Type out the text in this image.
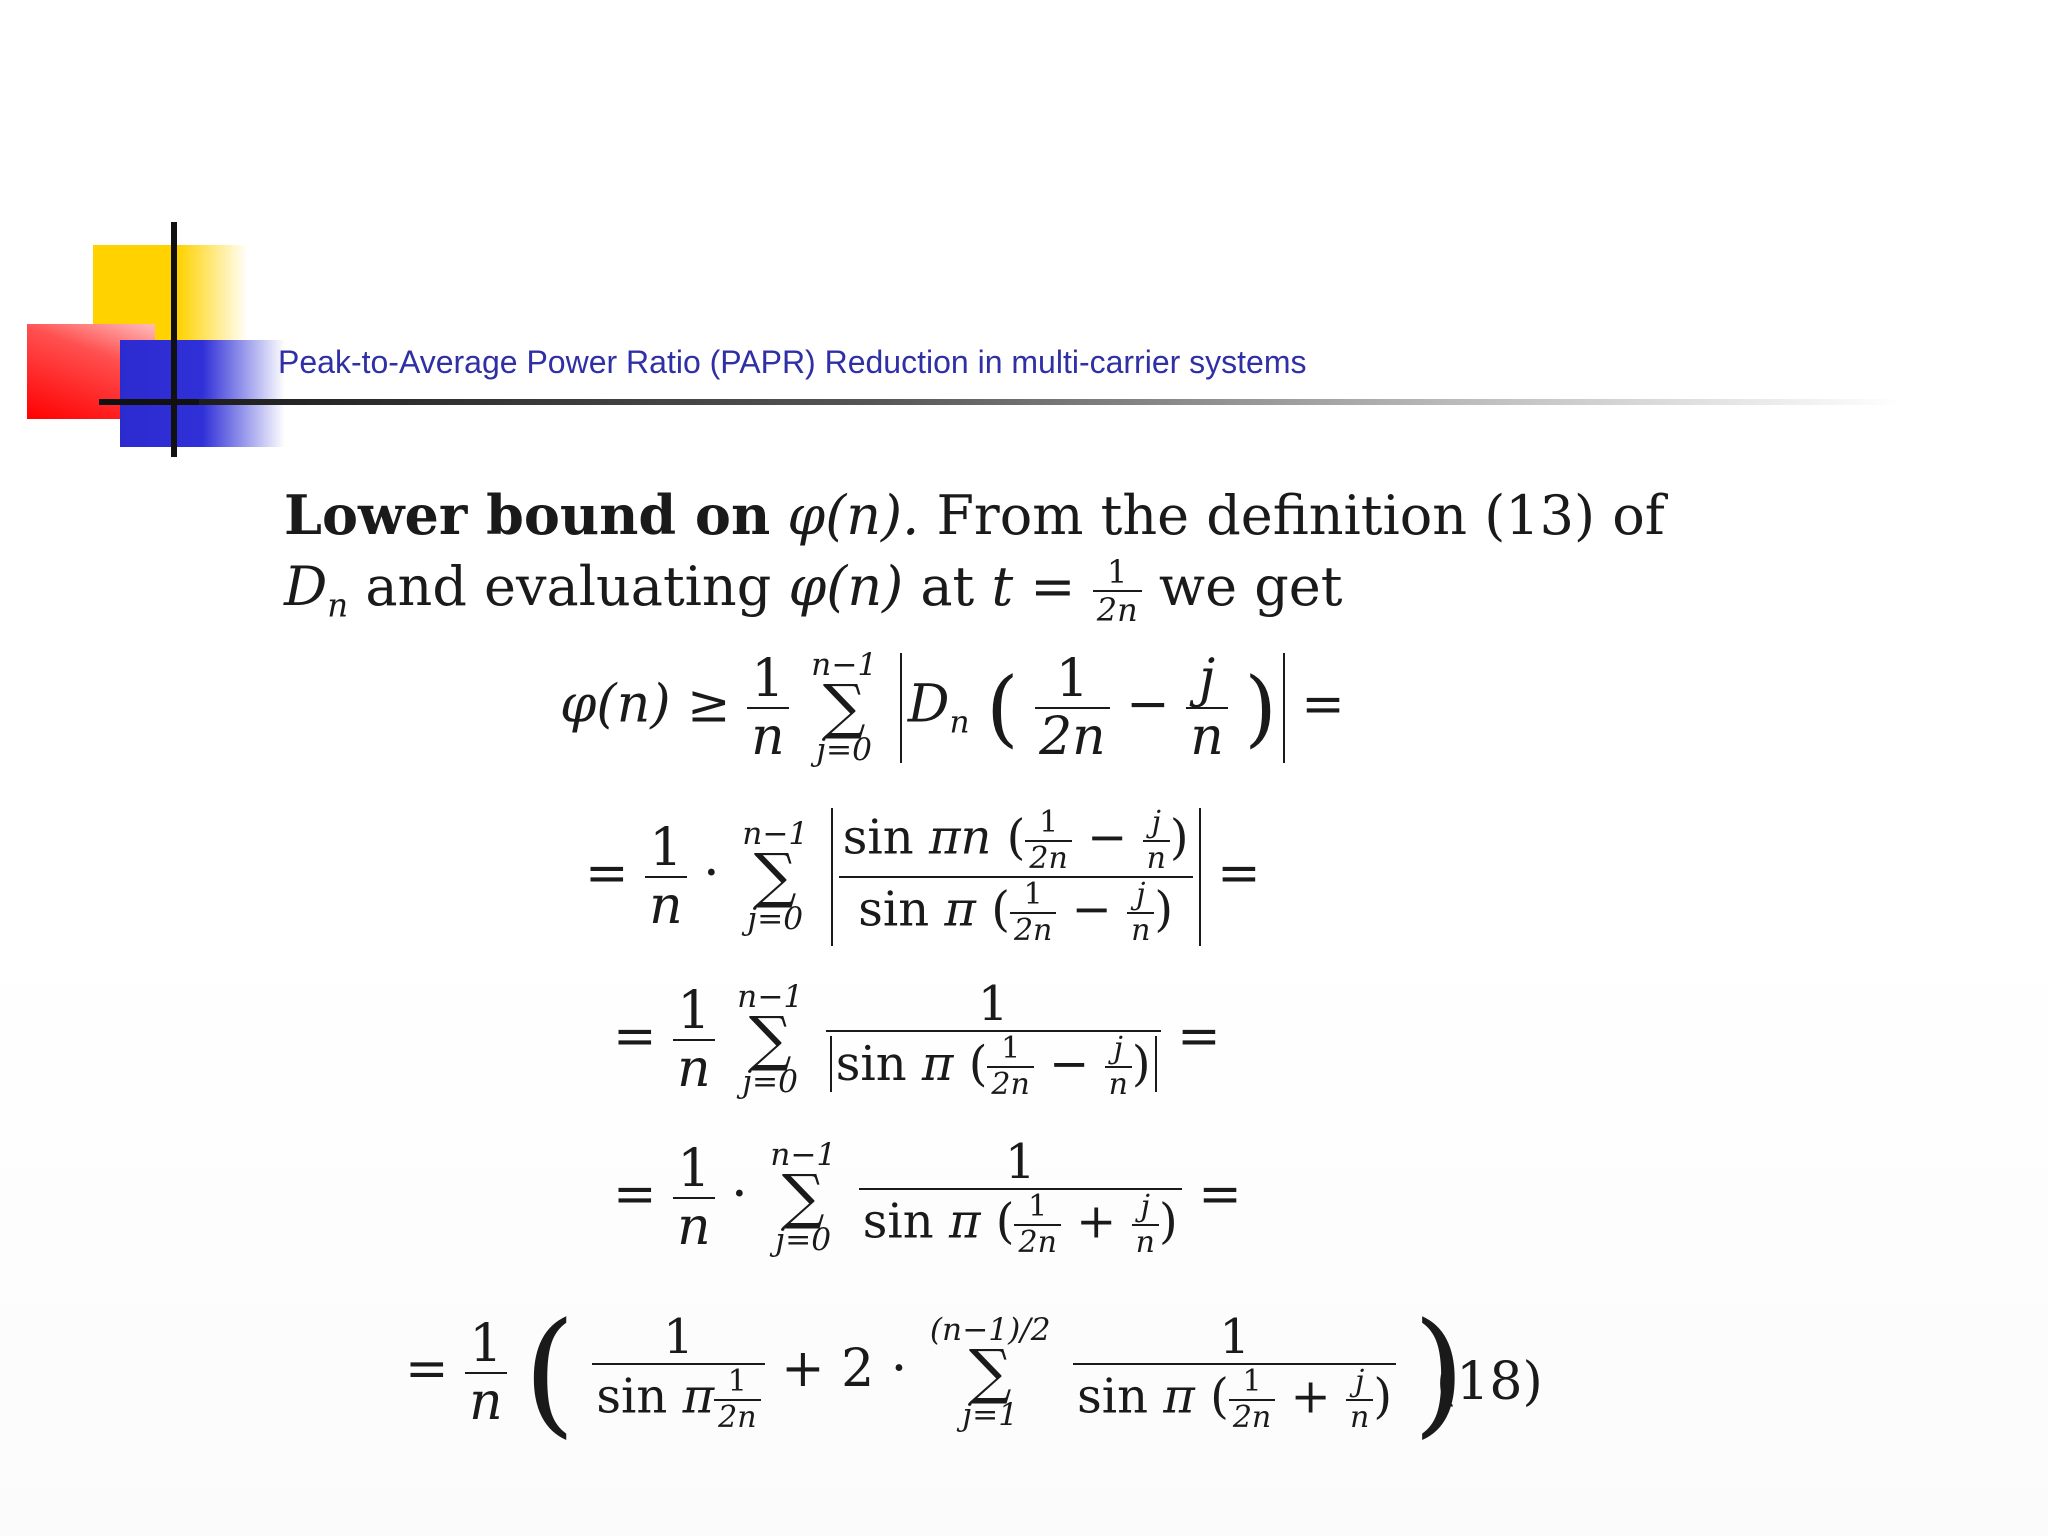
Peak-to-Average Power Ratio (PAPR) Reduction in multi-carrier systems
Lower bound on φ(n). From the definition (13) of
$D_n$ and evaluating φ(n) at $t = \frac{1}{2n}$ we get
$\varphi(n) \ge \frac{1}{n}$
n−1
∑
j=0
$D_n$ ( $\frac{1}{2n} - \frac{j}{n}$ ) =
= $\frac{1}{n}$ ·
n−1
∑
j=0
$\frac{\sin \pi n ( \frac{1}{2n} - \frac{j}{n} )}{\sin \pi ( \frac{1}{2n} - \frac{j}{n} )}$ =
= $\frac{1}{n}$
n−1
∑
j=0
$\frac{1}{\sin \pi ( \frac{1}{2n} - \frac{j}{n} )}$ =
= $\frac{1}{n}$ ·
n−1
∑
j=0
$\frac{1}{\sin \pi ( \frac{1}{2n} + \frac{j}{n} )}$ =
= $\frac{1}{n}$ ( $\frac{1}{\sin \pi \frac{1}{2n}} + 2$ ·
(n−1)/2
∑
j=1
	$\frac{1}{\sin \pi ( \frac{1}{2n} + \frac{j}{n} )}$ )
(18)
